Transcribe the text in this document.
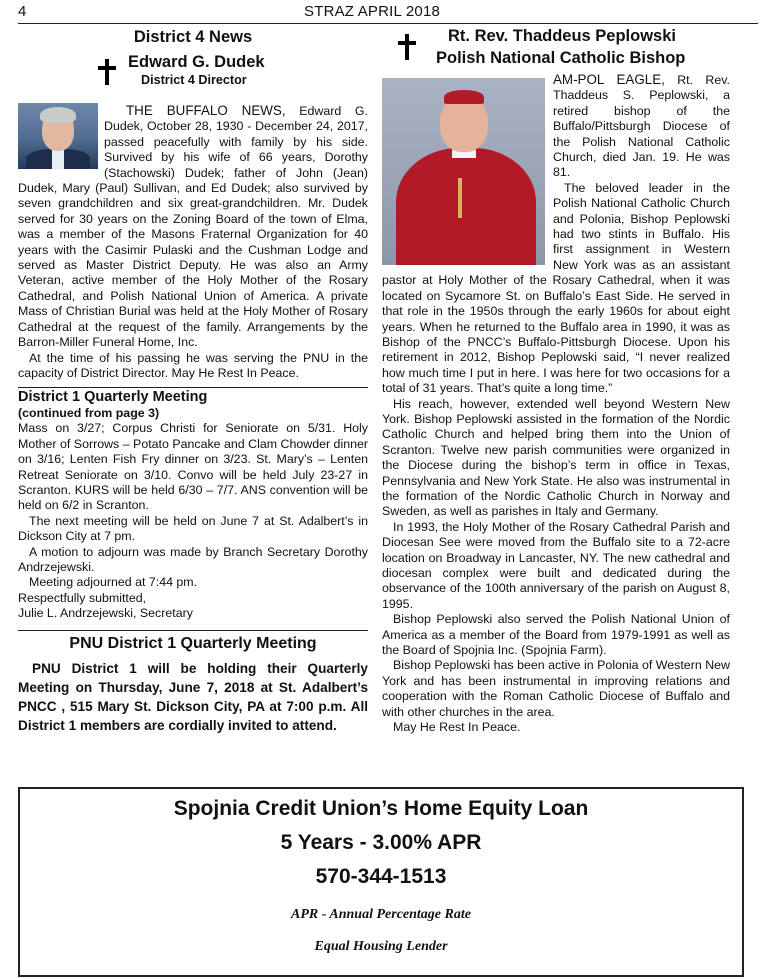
4	STRAZ APRIL 2018
District 4 News
Edward G. Dudek
District 4 Director

THE BUFFALO NEWS, Edward G. Dudek, October 28, 1930 - December 24, 2017, passed peacefully with family by his side. Survived by his wife of 66 years, Dorothy (Stachowski) Dudek; father of John (Jean) Dudek, Mary (Paul) Sullivan, and Ed Dudek; also survived by seven grandchildren and six great-grandchildren. Mr. Dudek served for 30 years on the Zoning Board of the town of Elma, was a member of the Masons Fraternal Organization for 40 years with the Casimir Pulaski and the Cushman Lodge and served as Master District Deputy. He was also an Army Veteran, active member of the Holy Mother of the Rosary Cathedral, and Polish National Union of America. A private Mass of Christian Burial was held at the Holy Mother of Rosary Cathedral at the request of the family. Arrangements by the Barron-Miller Funeral Home, Inc.

At the time of his passing he was serving the PNU in the capacity of District Director. May He Rest In Peace.

District 1 Quarterly Meeting
(continued from page 3)

Mass on 3/27; Corpus Christi for Seniorate on 5/31. Holy Mother of Sorrows – Potato Pancake and Clam Chowder dinner on 3/16; Lenten Fish Fry dinner on 3/23. St. Mary’s – Lenten Retreat Seniorate on 3/10. Convo will be held July 23-27 in Scranton. KURS will be held 6/30 – 7/7. ANS convention will be held on 6/2 in Scranton.

The next meeting will be held on June 7 at St. Adalbert’s in Dickson City at 7 pm.

A motion to adjourn was made by Branch Secretary Dorothy Andrzejewski.

Meeting adjourned at 7:44 pm.

Respectfully submitted,

Julie L. Andrzejewski, Secretary

PNU District 1 Quarterly Meeting

PNU District 1 will be holding their Quarterly Meeting on Thursday, June 7, 2018 at St. Adalbert’s PNCC , 515 Mary St. Dickson City, PA at 7:00 p.m. All District 1 members are cordially invited to attend.

Rt. Rev. Thaddeus Peplowski
Polish National Catholic Bishop

AM-POL EAGLE, Rt. Rev. Thaddeus S. Peplowski, a retired bishop of the Buffalo/Pittsburgh Diocese of the Polish National Catholic Church, died Jan. 19. He was 81.

The beloved leader in the Polish National Catholic Church and Polonia, Bishop Peplowski had two stints in Buffalo. His first assignment in Western New York was as an assistant pastor at Holy Mother of the Rosary Cathedral, when it was located on Sycamore St. on Buffalo’s East Side. He served in that role in the 1950s through the early 1960s for about eight years. When he returned to the Buffalo area in 1990, it was as Bishop of the PNCC’s Buffalo-Pittsburgh Diocese. Upon his retirement in 2012, Bishop Peplowski said, “I never realized how much time I put in here. I was here for two occasions for a total of 31 years. That’s quite a long time.”

His reach, however, extended well beyond Western New York. Bishop Peplowski assisted in the formation of the Nordic Catholic Church and helped bring them into the Union of Scranton. Twelve new parish communities were organized in the Diocese during the bishop’s term in office in Texas, Pennsylvania and New York State. He also was instrumental in the formation of the Nordic Catholic Church in Norway and Sweden, as well as parishes in Italy and Germany.

In 1993, the Holy Mother of the Rosary Cathedral Parish and Diocesan See were moved from the Buffalo site to a 72-acre location on Broadway in Lancaster, NY. The new cathedral and diocesan complex were built and dedicated during the observance of the 100th anniversary of the parish on August 8, 1995.

Bishop Peplowski also served the Polish National Union of America as a member of the Board from 1979-1991 as well as the Board of Spojnia Inc. (Spojnia Farm).

Bishop Peplowski has been active in Polonia of Western New York and has been instrumental in improving relations and cooperation with the Roman Catholic Diocese of Buffalo and with other churches in the area.

May He Rest In Peace.

Spojnia Credit Union’s Home Equity Loan
5 Years - 3.00% APR
570-344-1513
APR - Annual Percentage Rate
Equal Housing Lender
